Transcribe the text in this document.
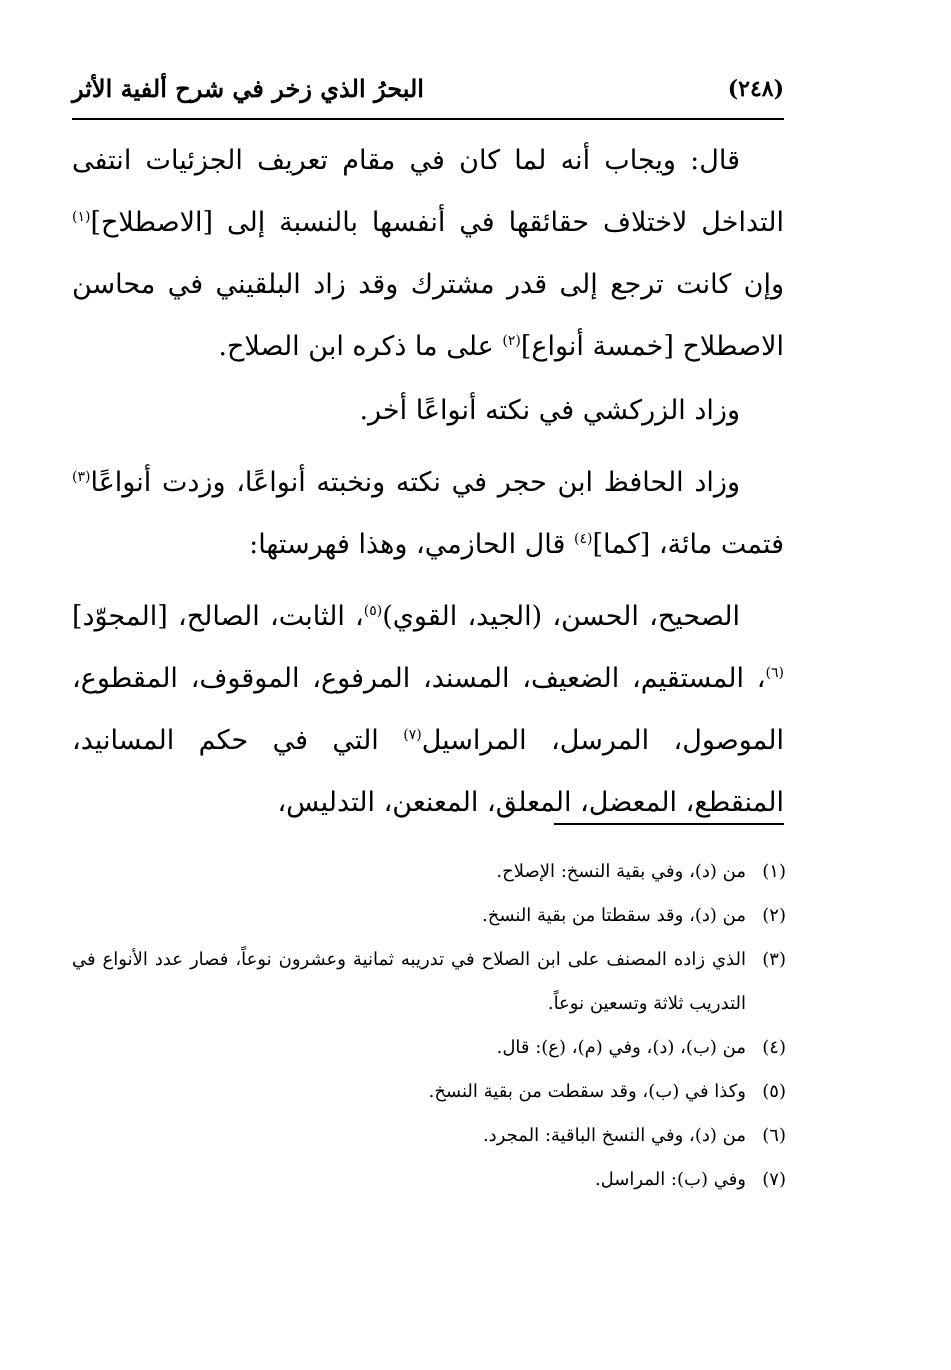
(٢٤٨)
البحرُ الذي زخر في شرح ألفية الأثر

قال: ويجاب أنه لما كان في مقام تعريف الجزئيات انتفى التداخل لاختلاف حقائقها في أنفسها بالنسبة إلى [الاصطلاح]$^{(١)}$ وإن كانت ترجع إلى قدر مشترك وقد زاد البلقيني في محاسن الاصطلاح [خمسة أنواع]$^{(٢)}$ على ما ذكره ابن الصلاح.

وزاد الزركشي في نكته أنواعًا أخر.

وزاد الحافظ ابن حجر في نكته ونخبته أنواعًا، وزدت أنواعًا$^{(٣)}$ فتمت مائة، [كما]$^{(٤)}$ قال الحازمي، وهذا فهرستها:

الصحيح، الحسن، (الجيد، القوي)$^{(٥)}$، الثابت، الصالح، [المجوّد]$^{(٦)}$، المستقيم، الضعيف، المسند، المرفوع، الموقوف، المقطوع، الموصول، المرسل، المراسيل$^{(٧)}$ التي في حكم المسانيد، المنقطع، المعضل، المعلق، المعنعن، التدليس،

(١)
من (د)، وفي بقية النسخ: الإصلاح.
(٢)
من (د)، وقد سقطتا من بقية النسخ.
(٣)
الذي زاده المصنف على ابن الصلاح في تدريبه ثمانية وعشرون نوعاً، فصار عدد الأنواع في التدريب ثلاثة وتسعين نوعاً.
(٤)
من (ب)، (د)، وفي (م)، (ع): قال.
(٥)
وكذا في (ب)، وقد سقطت من بقية النسخ.
(٦)
من (د)، وفي النسخ الباقية: المجرد.
(٧)
وفي (ب): المراسل.
